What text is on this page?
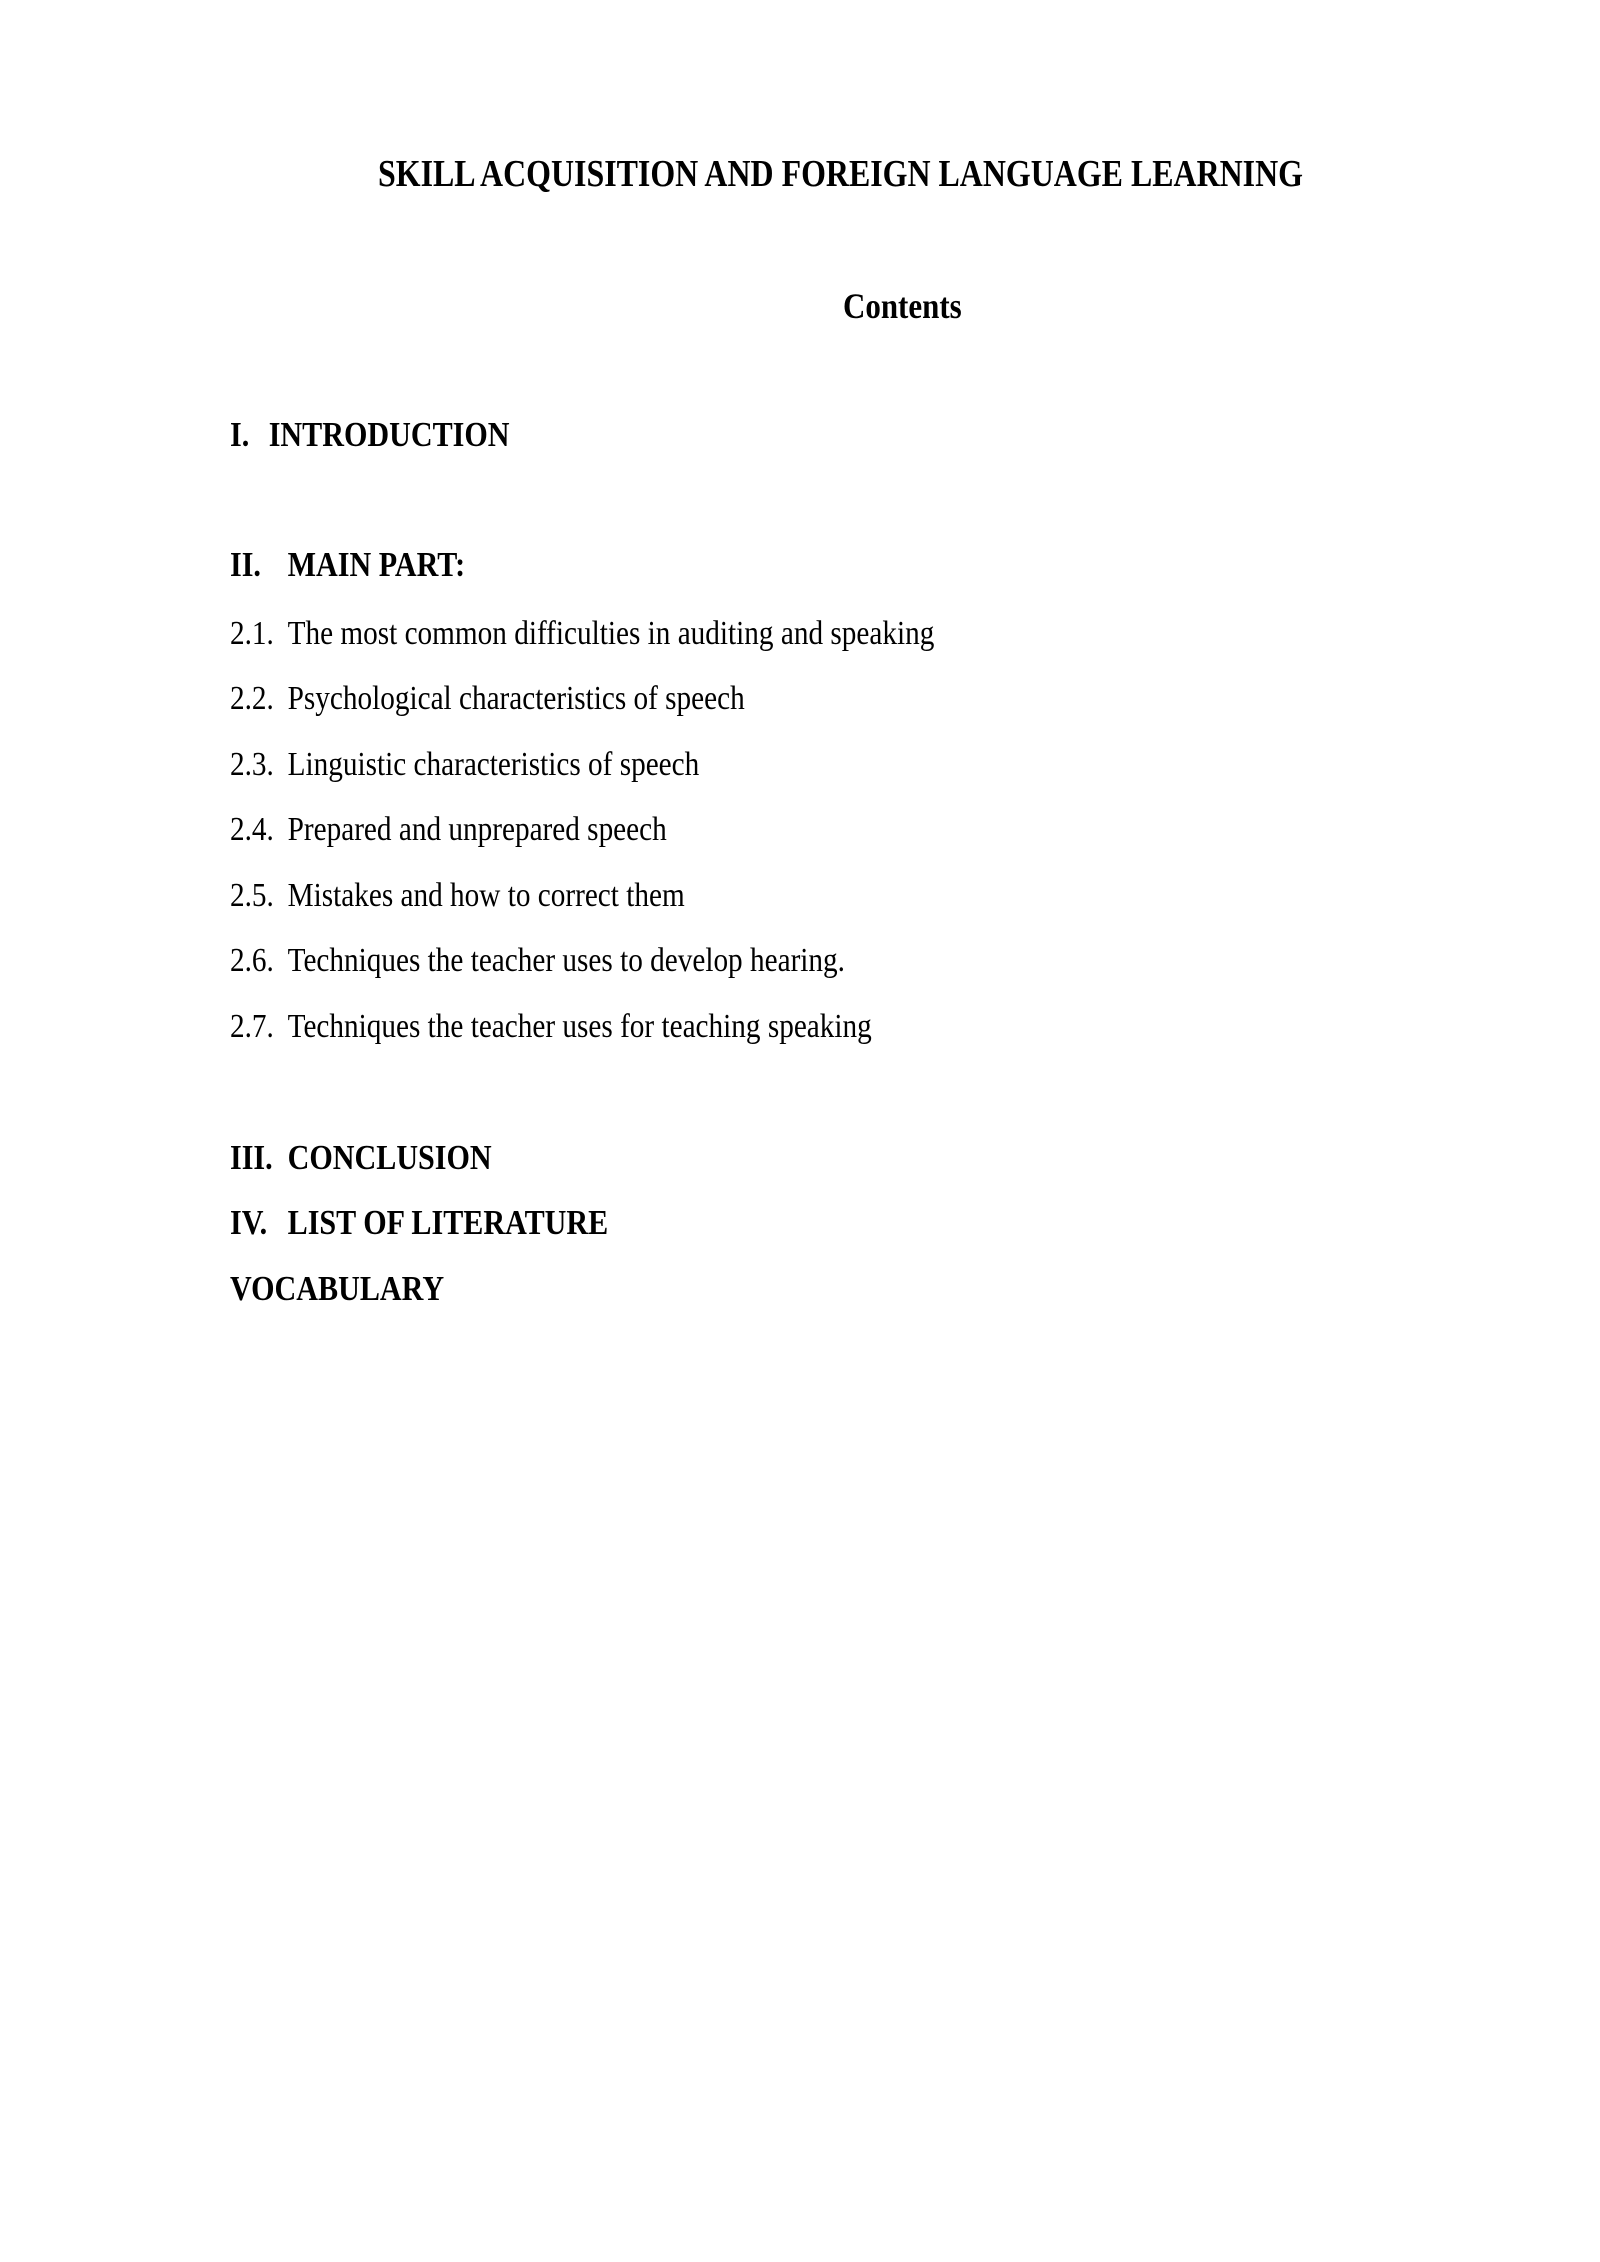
SKILL ACQUISITION AND FOREIGN LANGUAGE LEARNING
Contents
I. INTRODUCTION
II. MAIN PART:
2.1. The most common difficulties in auditing and speaking
2.2. Psychological characteristics of speech
2.3. Linguistic characteristics of speech
2.4. Prepared and unprepared speech
2.5. Mistakes and how to correct them
2.6. Techniques the teacher uses to develop hearing.
2.7. Techniques the teacher uses for teaching speaking
III. CONCLUSION
IV. LIST OF LITERATURE
VOCABULARY
